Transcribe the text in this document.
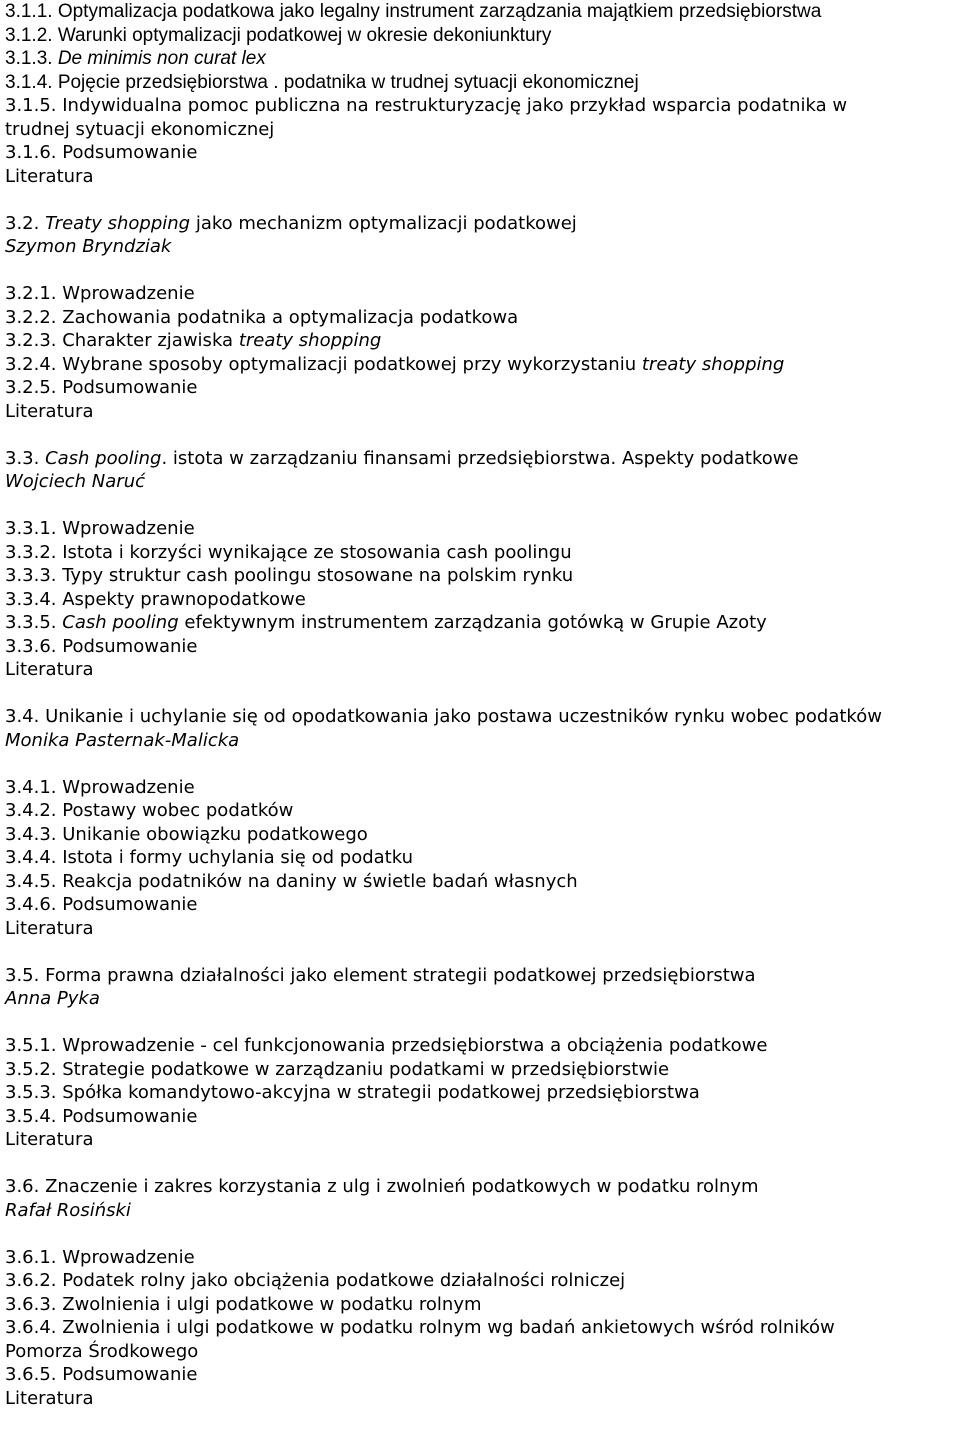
3.1.1. Optymalizacja podatkowa jako legalny instrument zarządzania majątkiem przedsiębiorstwa
3.1.2. Warunki optymalizacji podatkowej w okresie dekoniunktury
3.1.3. De minimis non curat lex
3.1.4. Pojęcie przedsiębiorstwa . podatnika w trudnej sytuacji ekonomicznej
3.1.5. Indywidualna pomoc publiczna na restrukturyzację jako przykład wsparcia podatnika w
trudnej sytuacji ekonomicznej
3.1.6. Podsumowanie
Literatura
3.2. Treaty shopping jako mechanizm optymalizacji podatkowej
Szymon Bryndziak
3.2.1. Wprowadzenie
3.2.2. Zachowania podatnika a optymalizacja podatkowa
3.2.3. Charakter zjawiska treaty shopping
3.2.4. Wybrane sposoby optymalizacji podatkowej przy wykorzystaniu treaty shopping
3.2.5. Podsumowanie
Literatura
3.3. Cash pooling. istota w zarządzaniu finansami przedsiębiorstwa. Aspekty podatkowe
Wojciech Naruć
3.3.1. Wprowadzenie
3.3.2. Istota i korzyści wynikające ze stosowania cash poolingu
3.3.3. Typy struktur cash poolingu stosowane na polskim rynku
3.3.4. Aspekty prawnopodatkowe
3.3.5. Cash pooling efektywnym instrumentem zarządzania gotówką w Grupie Azoty
3.3.6. Podsumowanie
Literatura
3.4. Unikanie i uchylanie się od opodatkowania jako postawa uczestników rynku wobec podatków
Monika Pasternak-Malicka
3.4.1. Wprowadzenie
3.4.2. Postawy wobec podatków
3.4.3. Unikanie obowiązku podatkowego
3.4.4. Istota i formy uchylania się od podatku
3.4.5. Reakcja podatników na daniny w świetle badań własnych
3.4.6. Podsumowanie
Literatura
3.5. Forma prawna działalności jako element strategii podatkowej przedsiębiorstwa
Anna Pyka
3.5.1. Wprowadzenie - cel funkcjonowania przedsiębiorstwa a obciążenia podatkowe
3.5.2. Strategie podatkowe w zarządzaniu podatkami w przedsiębiorstwie
3.5.3. Spółka komandytowo-akcyjna w strategii podatkowej przedsiębiorstwa
3.5.4. Podsumowanie
Literatura
3.6. Znaczenie i zakres korzystania z ulg i zwolnień podatkowych w podatku rolnym
Rafał Rosiński
3.6.1. Wprowadzenie
3.6.2. Podatek rolny jako obciążenia podatkowe działalności rolniczej
3.6.3. Zwolnienia i ulgi podatkowe w podatku rolnym
3.6.4. Zwolnienia i ulgi podatkowe w podatku rolnym wg badań ankietowych wśród rolników
Pomorza Środkowego
3.6.5. Podsumowanie
Literatura
